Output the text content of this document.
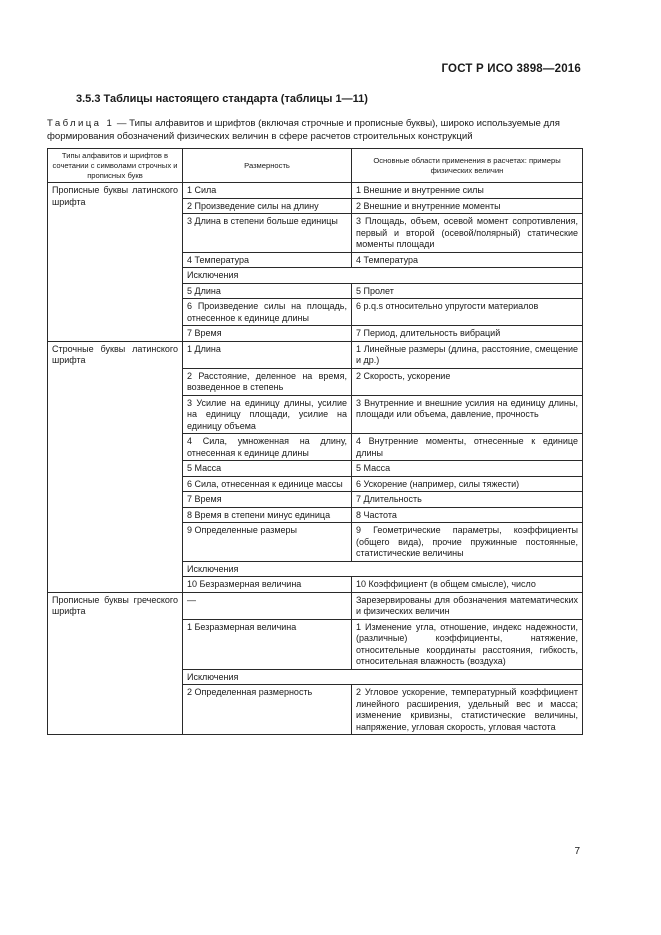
ГОСТ Р ИСО 3898—2016
3.5.3 Таблицы настоящего стандарта (таблицы 1—11)
Таблица 1 — Типы алфавитов и шрифтов (включая строчные и прописные буквы), широко используемые для формирования обозначений физических величин в сфере расчетов строительных конструкций
Типы алфавитов и шрифтов в сочетании с символами строчных и прописных букв	Размерность	Основные области применения в расчетах: примеры физических величин
Прописные буквы латинского шрифта	1 Сила	1 Внешние и внутренние силы
	2 Произведение силы на длину	2 Внешние и внутренние моменты
	3 Длина в степени больше единицы	3 Площадь, объем, осевой момент сопротивления, первый и второй (осевой/полярный) статические моменты площади
	4 Температура	4 Температура
	Исключения	
	5 Длина	5 Пролет
	6 Произведение силы на площадь, отнесенное к единице длины	6 p.q.s относительно упругости материалов
	7 Время	7 Период, длительность вибраций
Строчные буквы латинского шрифта	1 Длина	1 Линейные размеры (длина, расстояние, смещение и др.)
	2 Расстояние, деленное на время, возведенное в степень	2 Скорость, ускорение
	3 Усилие на единицу длины, усилие на единицу площади, усилие на единицу объема	3 Внутренние и внешние усилия на единицу длины, площади или объема, давление, прочность
	4 Сила, умноженная на длину, отнесенная к единице длины	4 Внутренние моменты, отнесенные к единице длины
	5 Масса	5 Масса
	6 Сила, отнесенная к единице массы	6 Ускорение (например, силы тяжести)
	7 Время	7 Длительность
	8 Время в степени минус единица	8 Частота
	9 Определенные размеры	9 Геометрические параметры, коэффициенты (общего вида), прочие пружинные постоянные, статистические величины
	Исключения	
	10 Безразмерная величина	10 Коэффициент (в общем смысле), число
Прописные буквы греческого шрифта	—	Зарезервированы для обозначения математических и физических величин
	1 Безразмерная величина	1 Изменение угла, отношение, индекс надежности, (различные) коэффициенты, натяжение, относительные координаты расстояния, гибкость, относительная влажность (воздуха)
	Исключения	
	2 Определенная размерность	2 Угловое ускорение, температурный коэффициент линейного расширения, удельный вес и масса; изменение кривизны, статистические величины, напряжение, угловая скорость, угловая частота
7
